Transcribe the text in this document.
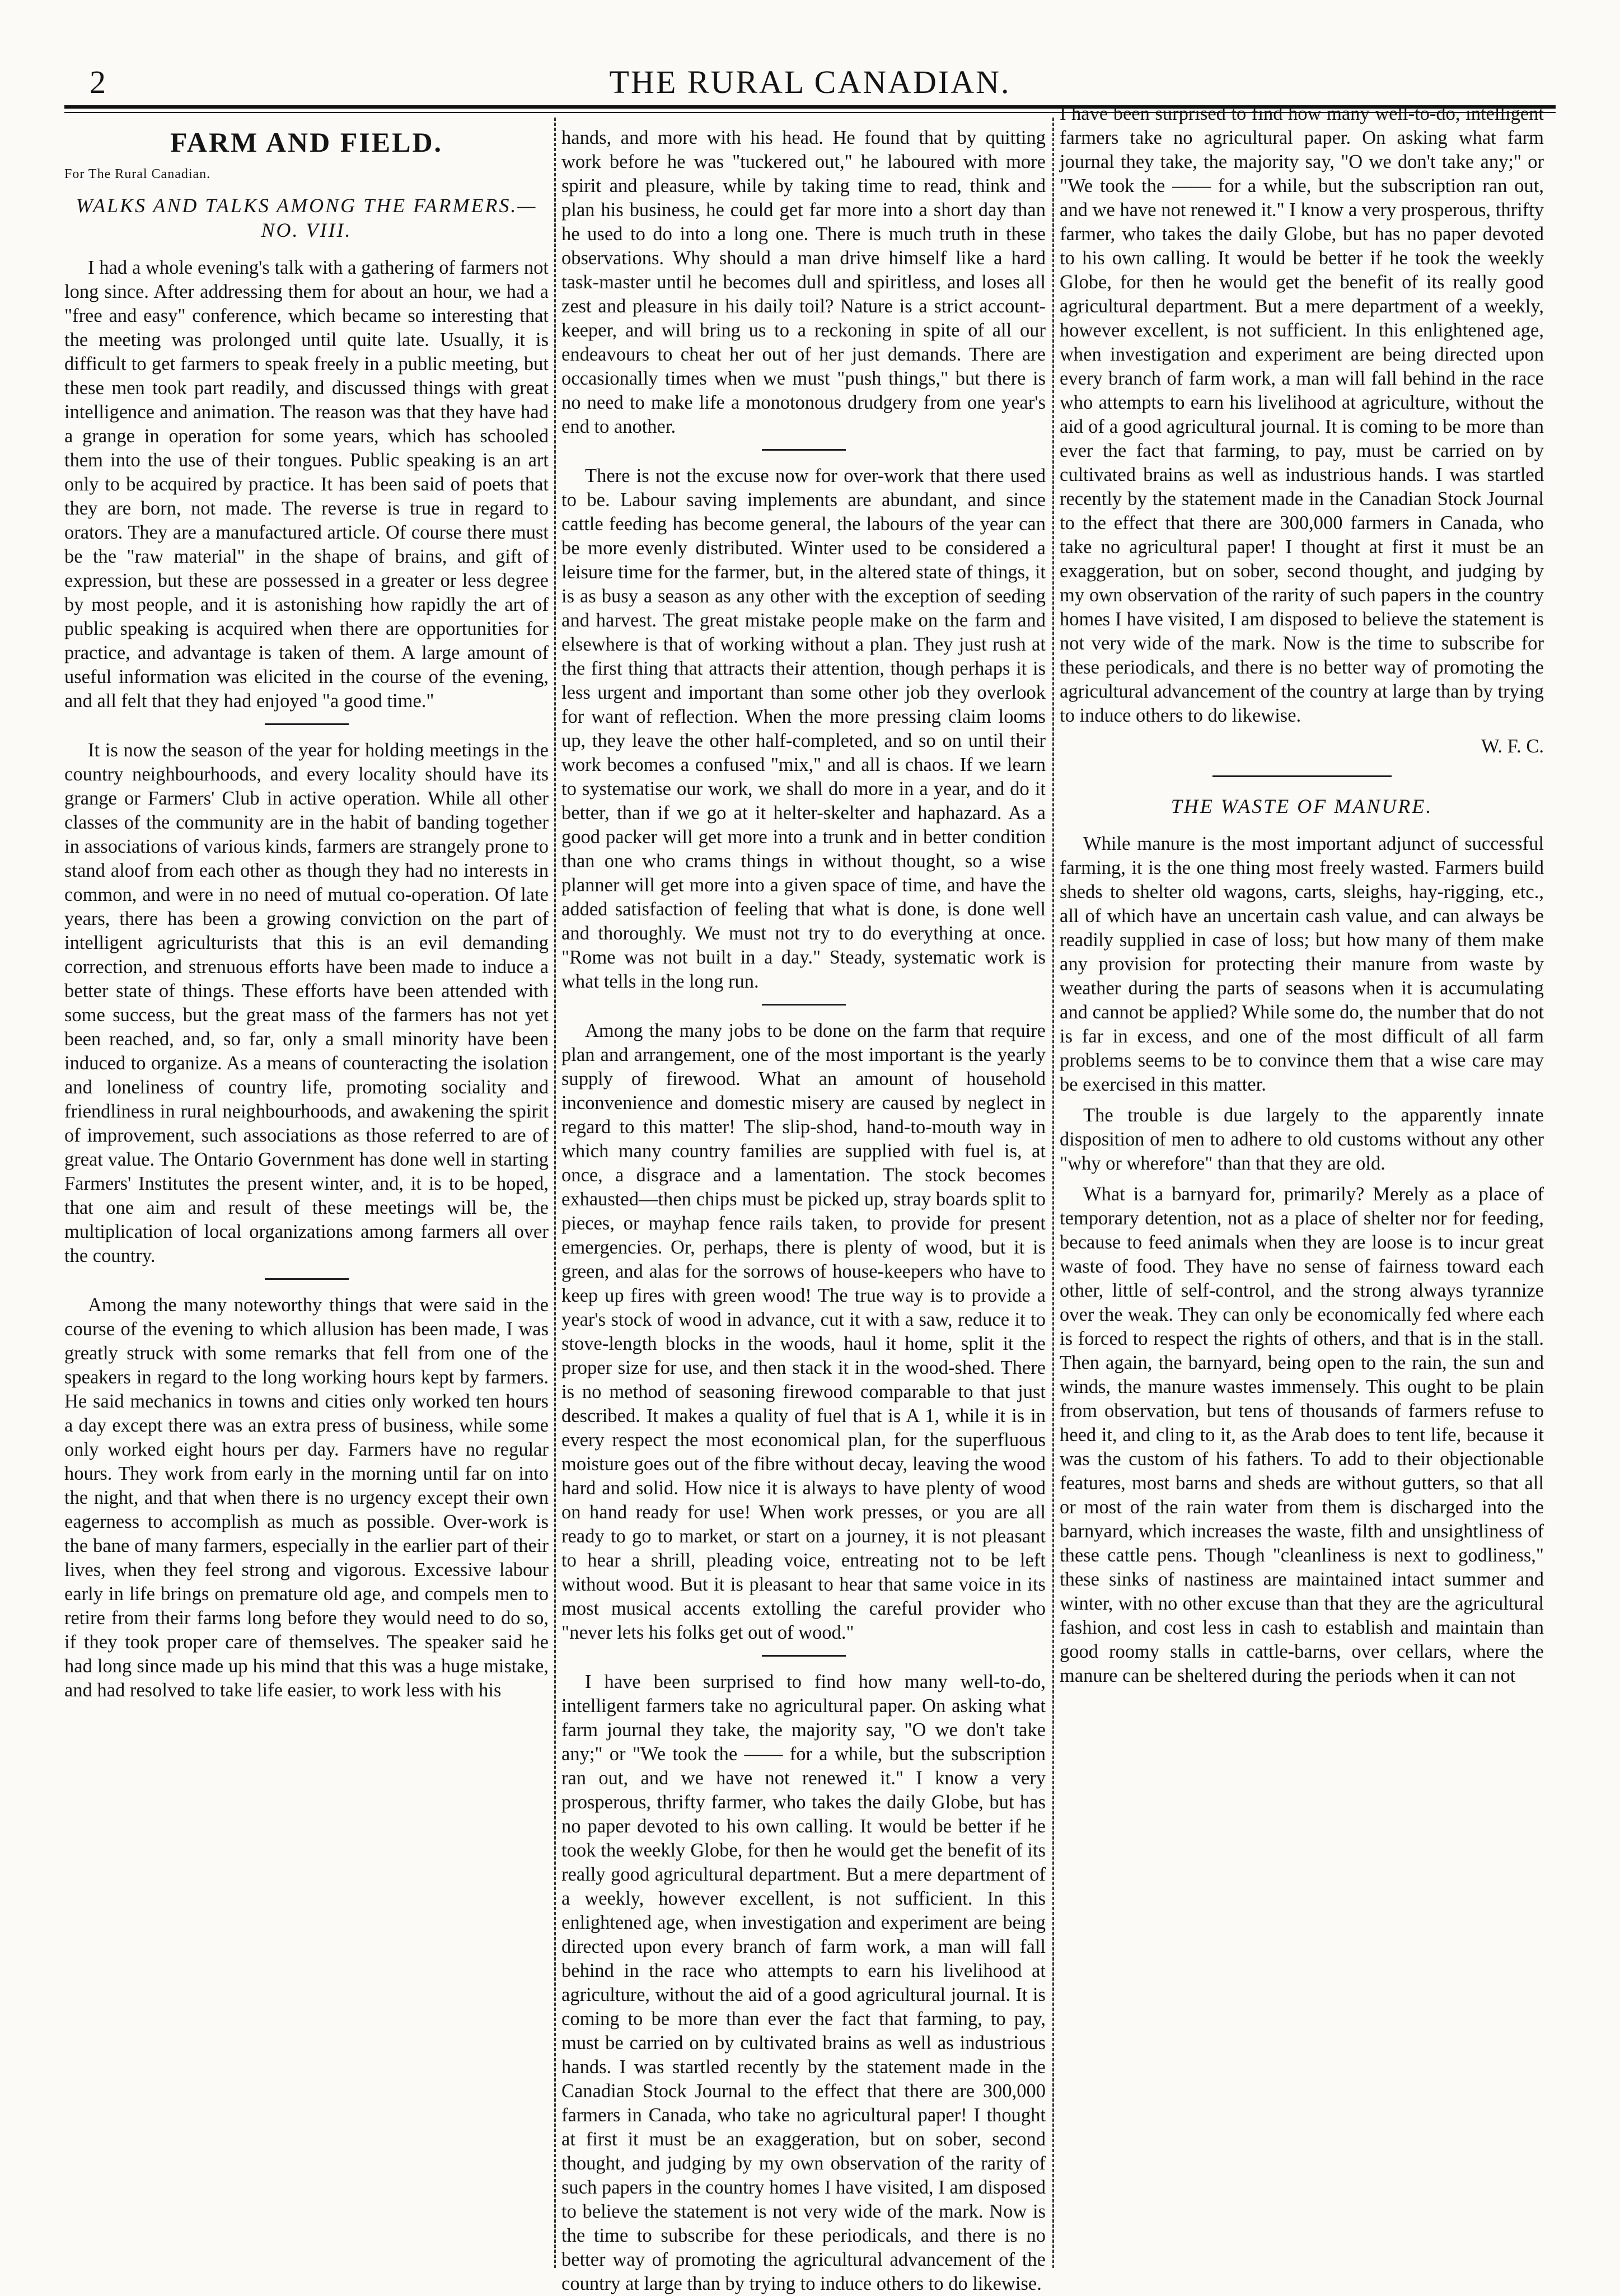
2	THE RURAL CANADIAN.
FARM AND FIELD.

For The Rural Canadian.

WALKS AND TALKS AMONG THE FARMERS.—NO. VIII.

I had a whole evening's talk with a gathering of farmers not long since. After addressing them for about an hour, we had a "free and easy" conference, which became so interesting that the meeting was prolonged until quite late. Usually, it is difficult to get farmers to speak freely in a public meeting, but these men took part readily, and discussed things with great intelligence and animation. The reason was that they have had a grange in operation for some years, which has schooled them into the use of their tongues. Public speaking is an art only to be acquired by practice. It has been said of poets that they are born, not made. The reverse is true in regard to orators. They are a manufactured article. Of course there must be the "raw material" in the shape of brains, and gift of expression, but these are possessed in a greater or less degree by most people, and it is astonishing how rapidly the art of public speaking is acquired when there are opportunities for practice, and advantage is taken of them. A large amount of useful information was elicited in the course of the evening, and all felt that they had enjoyed "a good time."

It is now the season of the year for holding meetings in the country neighbourhoods, and every locality should have its grange or Farmers' Club in active operation. While all other classes of the community are in the habit of banding together in associations of various kinds, farmers are strangely prone to stand aloof from each other as though they had no interests in common, and were in no need of mutual co-operation. Of late years, there has been a growing conviction on the part of intelligent agriculturists that this is an evil demanding correction, and strenuous efforts have been made to induce a better state of things. These efforts have been attended with some success, but the great mass of the farmers has not yet been reached, and, so far, only a small minority have been induced to organize. As a means of counteracting the isolation and loneliness of country life, promoting sociality and friendliness in rural neighbourhoods, and awakening the spirit of improvement, such associations as those referred to are of great value. The Ontario Government has done well in starting Farmers' Institutes the present winter, and, it is to be hoped, that one aim and result of these meetings will be, the multiplication of local organizations among farmers all over the country.

Among the many noteworthy things that were said in the course of the evening to which allusion has been made, I was greatly struck with some remarks that fell from one of the speakers in regard to the long working hours kept by farmers. He said mechanics in towns and cities only worked ten hours a day except there was an extra press of business, while some only worked eight hours per day. Farmers have no regular hours. They work from early in the morning until far on into the night, and that when there is no urgency except their own eagerness to accomplish as much as possible. Over-work is the bane of many farmers, especially in the earlier part of their lives, when they feel strong and vigorous. Excessive labour early in life brings on premature old age, and compels men to retire from their farms long before they would need to do so, if they took proper care of themselves. The speaker said he had long since made up his mind that this was a huge mistake, and had resolved to take life easier, to work less with his

hands, and more with his head. He found that by quitting work before he was "tuckered out," he laboured with more spirit and pleasure, while by taking time to read, think and plan his business, he could get far more into a short day than he used to do into a long one. There is much truth in these observations. Why should a man drive himself like a hard task-master until he becomes dull and spiritless, and loses all zest and pleasure in his daily toil? Nature is a strict account-keeper, and will bring us to a reckoning in spite of all our endeavours to cheat her out of her just demands. There are occasionally times when we must "push things," but there is no need to make life a monotonous drudgery from one year's end to another.

There is not the excuse now for over-work that there used to be. Labour saving implements are abundant, and since cattle feeding has become general, the labours of the year can be more evenly distributed. Winter used to be considered a leisure time for the farmer, but, in the altered state of things, it is as busy a season as any other with the exception of seeding and harvest. The great mistake people make on the farm and elsewhere is that of working without a plan. They just rush at the first thing that attracts their attention, though perhaps it is less urgent and important than some other job they overlook for want of reflection. When the more pressing claim looms up, they leave the other half-completed, and so on until their work becomes a confused "mix," and all is chaos. If we learn to systematise our work, we shall do more in a year, and do it better, than if we go at it helter-skelter and haphazard. As a good packer will get more into a trunk and in better condition than one who crams things in without thought, so a wise planner will get more into a given space of time, and have the added satisfaction of feeling that what is done, is done well and thoroughly. We must not try to do everything at once. "Rome was not built in a day." Steady, systematic work is what tells in the long run.

Among the many jobs to be done on the farm that require plan and arrangement, one of the most important is the yearly supply of firewood. What an amount of household inconvenience and domestic misery are caused by neglect in regard to this matter! The slip-shod, hand-to-mouth way in which many country families are supplied with fuel is, at once, a disgrace and a lamentation. The stock becomes exhausted—then chips must be picked up, stray boards split to pieces, or mayhap fence rails taken, to provide for present emergencies. Or, perhaps, there is plenty of wood, but it is green, and alas for the sorrows of house-keepers who have to keep up fires with green wood! The true way is to provide a year's stock of wood in advance, cut it with a saw, reduce it to stove-length blocks in the woods, haul it home, split it the proper size for use, and then stack it in the wood-shed. There is no method of seasoning firewood comparable to that just described. It makes a quality of fuel that is A 1, while it is in every respect the most economical plan, for the superfluous moisture goes out of the fibre without decay, leaving the wood hard and solid. How nice it is always to have plenty of wood on hand ready for use! When work presses, or you are all ready to go to market, or start on a journey, it is not pleasant to hear a shrill, pleading voice, entreating not to be left without wood. But it is pleasant to hear that same voice in its most musical accents extolling the careful provider who "never lets his folks get out of wood."

I have been surprised to find how many well-to-do, intelligent farmers take no agricultural paper. On asking what farm journal they take, the majority say, "O we don't take any;" or "We took the —— for a while, but the subscription ran out, and we have not renewed it." I know a very prosperous, thrifty farmer, who takes the daily Globe, but has no paper devoted to his own calling. It would be better if he took the weekly Globe, for then he would get the benefit of its really good agricultural department. But a mere department of a weekly, however excellent, is not sufficient. In this enlightened age, when investigation and experiment are being directed upon every branch of farm work, a man will fall behind in the race who attempts to earn his livelihood at agriculture, without the aid of a good agricultural journal. It is coming to be more than ever the fact that farming, to pay, must be carried on by cultivated brains as well as industrious hands. I was startled recently by the statement made in the Canadian Stock Journal to the effect that there are 300,000 farmers in Canada, who take no agricultural paper! I thought at first it must be an exaggeration, but on sober, second thought, and judging by my own observation of the rarity of such papers in the country homes I have visited, I am disposed to believe the statement is not very wide of the mark. Now is the time to subscribe for these periodicals, and there is no better way of promoting the agricultural advancement of the country at large than by trying to induce others to do likewise.

I have been surprised to find how many well-to-do, intelligent farmers take no agricultural paper. On asking what farm journal they take, the majority say, "O we don't take any;" or "We took the —— for a while, but the subscription ran out, and we have not renewed it." I know a very prosperous, thrifty farmer, who takes the daily Globe, but has no paper devoted to his own calling. It would be better if he took the weekly Globe, for then he would get the benefit of its really good agricultural department. But a mere department of a weekly, however excellent, is not sufficient. In this enlightened age, when investigation and experiment are being directed upon every branch of farm work, a man will fall behind in the race who attempts to earn his livelihood at agriculture, without the aid of a good agricultural journal. It is coming to be more than ever the fact that farming, to pay, must be carried on by cultivated brains as well as industrious hands. I was startled recently by the statement made in the Canadian Stock Journal to the effect that there are 300,000 farmers in Canada, who take no agricultural paper! I thought at first it must be an exaggeration, but on sober, second thought, and judging by my own observation of the rarity of such papers in the country homes I have visited, I am disposed to believe the statement is not very wide of the mark. Now is the time to subscribe for these periodicals, and there is no better way of promoting the agricultural advancement of the country at large than by trying to induce others to do likewise.

W. F. C.

THE WASTE OF MANURE.

While manure is the most important adjunct of successful farming, it is the one thing most freely wasted. Farmers build sheds to shelter old wagons, carts, sleighs, hay-rigging, etc., all of which have an uncertain cash value, and can always be readily supplied in case of loss; but how many of them make any provision for protecting their manure from waste by weather during the parts of seasons when it is accumulating and cannot be applied? While some do, the number that do not is far in excess, and one of the most difficult of all farm problems seems to be to convince them that a wise care may be exercised in this matter.

The trouble is due largely to the apparently innate disposition of men to adhere to old customs without any other "why or wherefore" than that they are old.

What is a barnyard for, primarily? Merely as a place of temporary detention, not as a place of shelter nor for feeding, because to feed animals when they are loose is to incur great waste of food. They have no sense of fairness toward each other, little of self-control, and the strong always tyrannize over the weak. They can only be economically fed where each is forced to respect the rights of others, and that is in the stall. Then again, the barnyard, being open to the rain, the sun and winds, the manure wastes immensely. This ought to be plain from observation, but tens of thousands of farmers refuse to heed it, and cling to it, as the Arab does to tent life, because it was the custom of his fathers. To add to their objectionable features, most barns and sheds are without gutters, so that all or most of the rain water from them is discharged into the barnyard, which increases the waste, filth and unsightliness of these cattle pens. Though "cleanliness is next to godliness," these sinks of nastiness are maintained intact summer and winter, with no other excuse than that they are the agricultural fashion, and cost less in cash to establish and maintain than good roomy stalls in cattle-barns, over cellars, where the manure can be sheltered during the periods when it can not
